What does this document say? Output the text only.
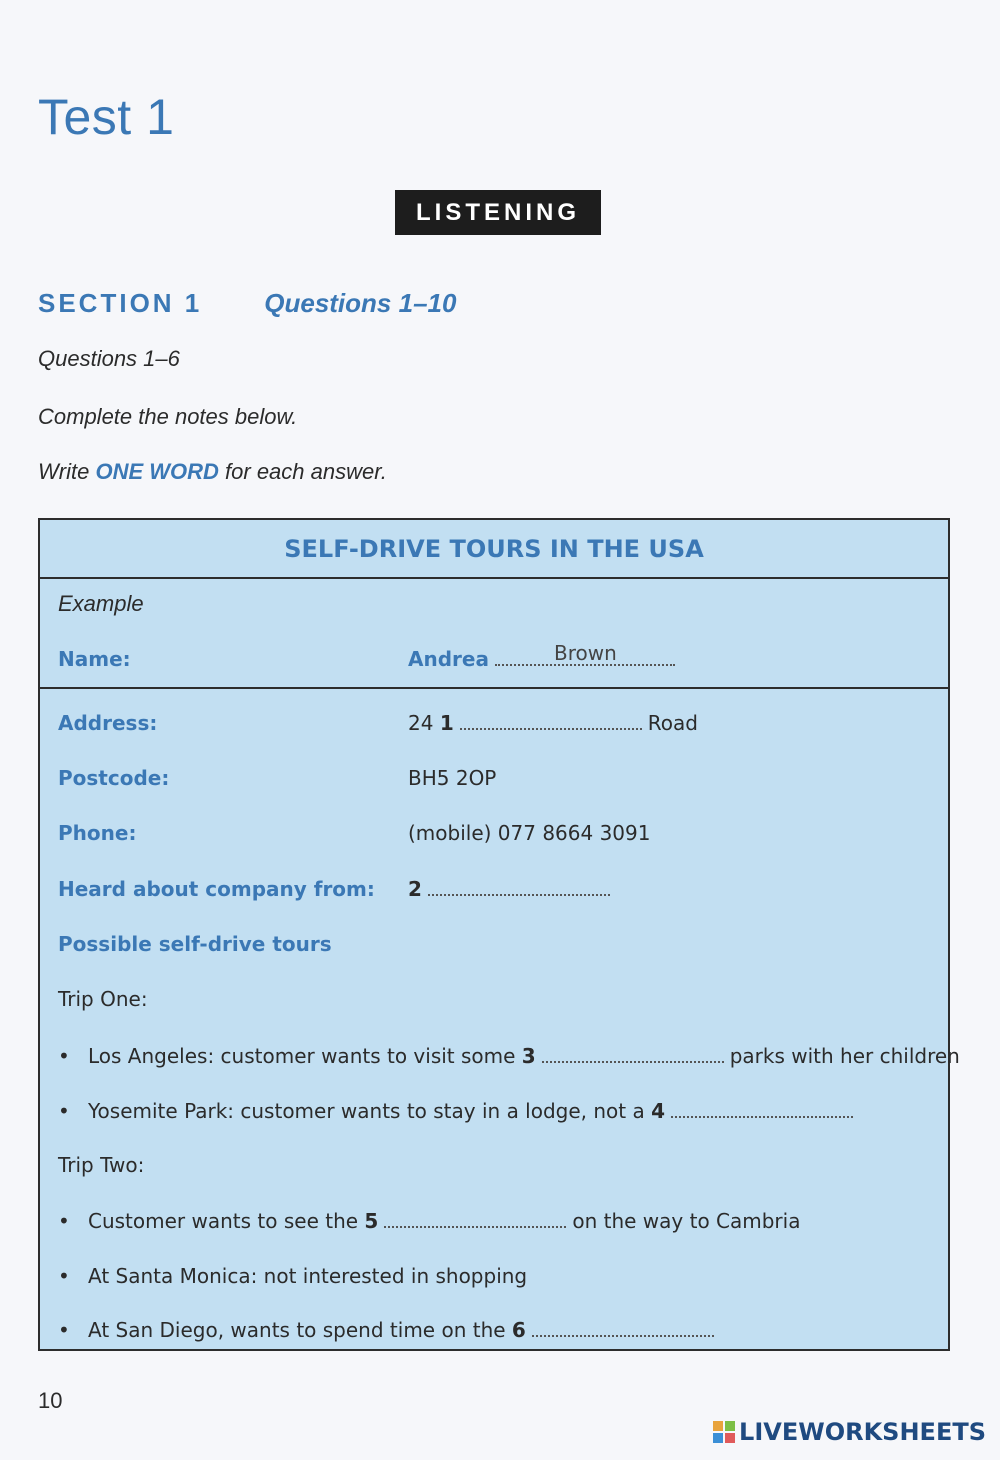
Test 1
LISTENING
SECTION 1 Questions 1–10
Questions 1–6
Complete the notes below.
Write ONE WORD for each answer.
SELF-DRIVE TOURS IN THE USA
Example
Name:	Andrea	Brown
Address:	24 1	Road
Postcode:	BH5 2OP
Phone:	(mobile) 077 8664 3091
Heard about company from: 2
Possible self-drive tours
Trip One:
• Los Angeles: customer wants to visit some 3	parks with her children
• Yosemite Park: customer wants to stay in a lodge, not a 4
Trip Two:
• Customer wants to see the 5	on the way to Cambria
• At Santa Monica: not interested in shopping
• At San Diego, wants to spend time on the 6
10
LIVEWORKSHEETS
